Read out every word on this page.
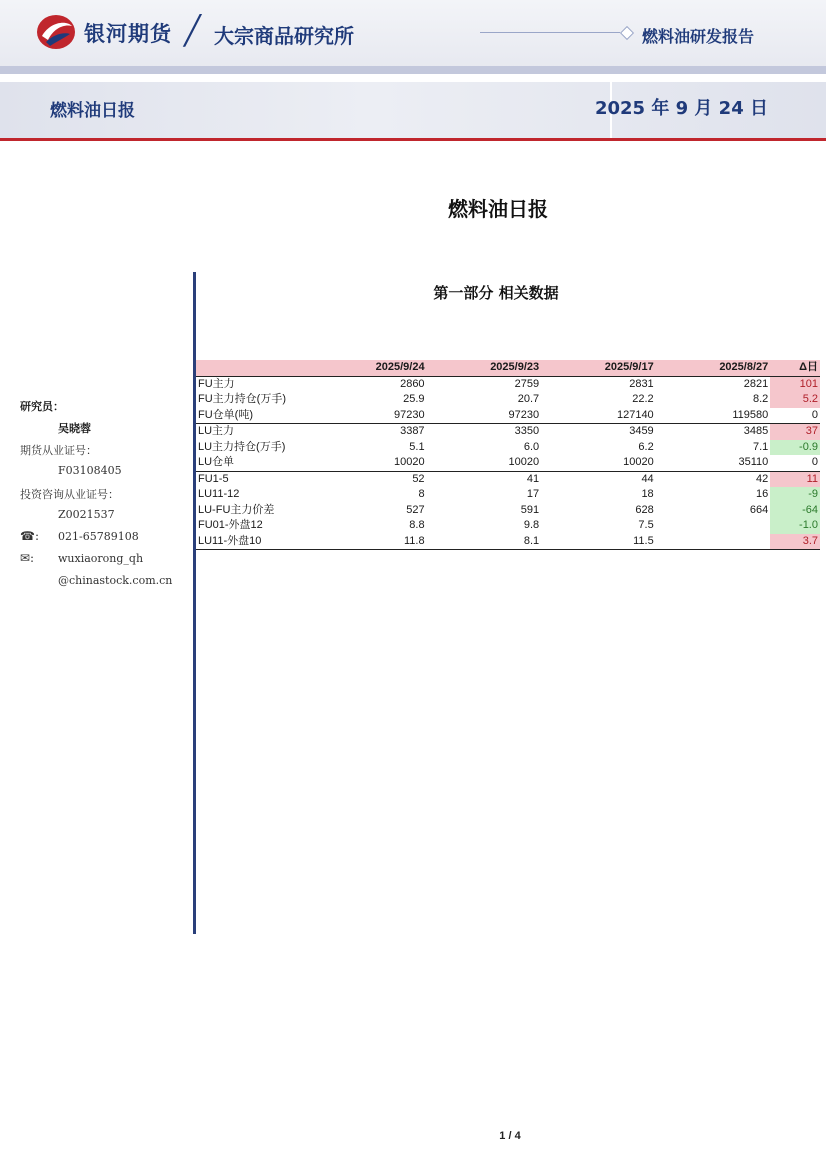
银河期货 ╱ 大宗商品研究所	燃料油研发报告
燃料油日报	2025 年 9 月 24 日
燃料油日报
研究员：
吴晓蓉
期货从业证号：
F03108405
投资咨询从业证号：
Z0021537
☎: 021-65789108
✉: wuxiaorong_qh
@chinastock.com.cn
第一部分 相关数据
	2025/9/24	2025/9/23	2025/9/17	2025/8/27	Δ日
FU主力	2860	2759	2831	2821	101
FU主力持仓(万手)	25.9	20.7	22.2	8.2	5.2
FU仓单(吨)	97230	97230	127140	119580	0
LU主力	3387	3350	3459	3485	37
LU主力持仓(万手)	5.1	6.0	6.2	7.1	-0.9
LU仓单	10020	10020	10020	35110	0
FU1-5	52	41	44	42	11
LU11-12	8	17	18	16	-9
LU-FU主力价差	527	591	628	664	-64
FU01-外盘12	8.8	9.8	7.5		-1.0
LU11-外盘10	11.8	8.1	11.5		3.7
1 / 4
